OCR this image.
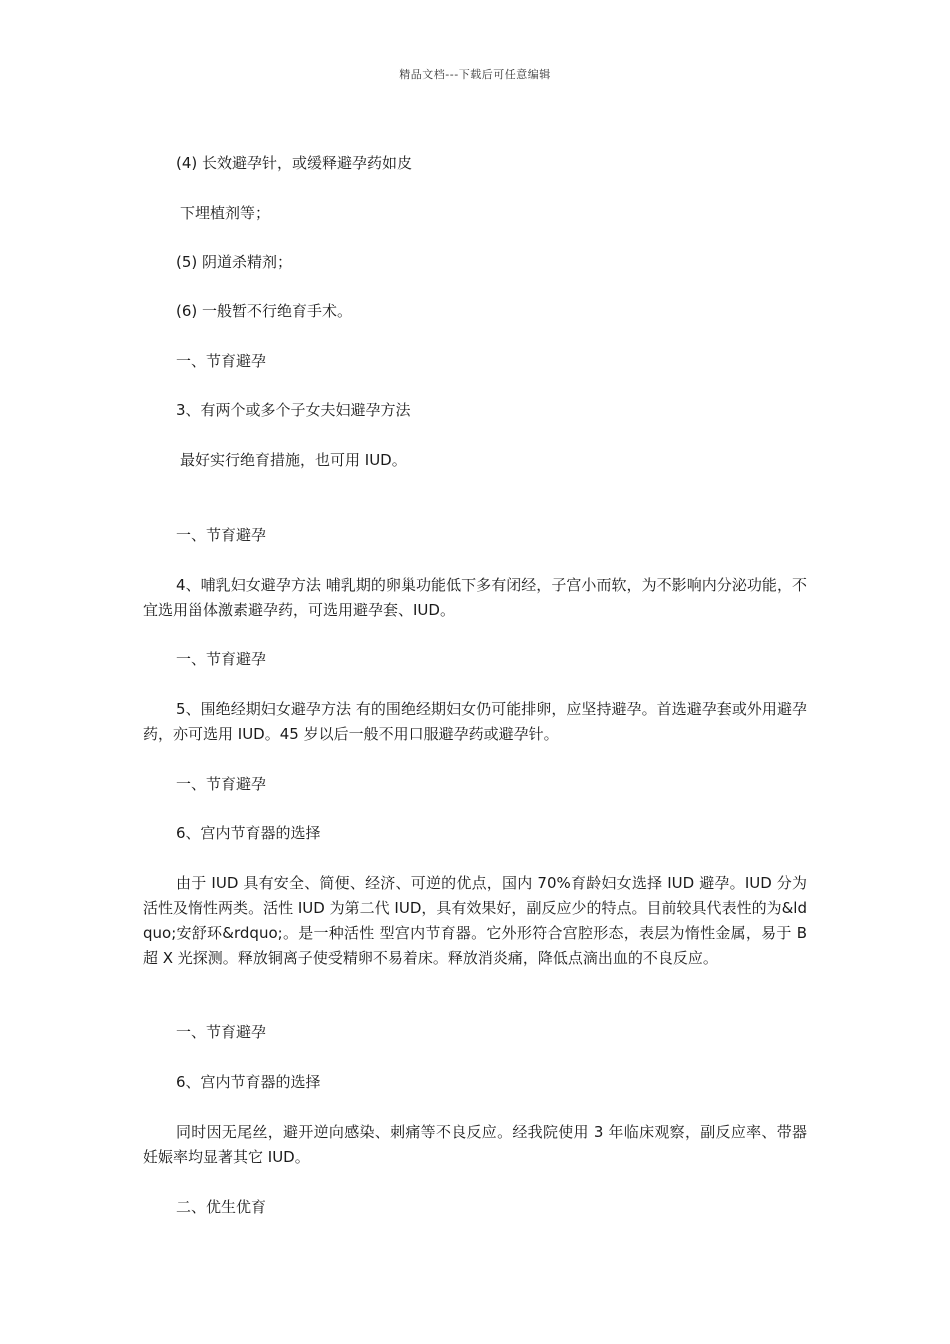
精品文档---下载后可任意编辑

(4) 长效避孕针，或缓释避孕药如皮

下埋植剂等；

(5) 阴道杀精剂；

(6) 一般暂不行绝育手术。

一、节育避孕

3、有两个或多个子女夫妇避孕方法

最好实行绝育措施，也可用 IUD。

一、节育避孕

4、哺乳妇女避孕方法 哺乳期的卵巢功能低下多有闭经，子宫小而软，为不影响内分泌功能，不宜选用甾体激素避孕药，可选用避孕套、IUD。

一、节育避孕

5、围绝经期妇女避孕方法 有的围绝经期妇女仍可能排卵，应坚持避孕。首选避孕套或外用避孕药，亦可选用 IUD。45 岁以后一般不用口服避孕药或避孕针。

一、节育避孕

6、宫内节育器的选择

由于 IUD 具有安全、简便、经济、可逆的优点，国内 70%育龄妇女选择 IUD 避孕。IUD 分为活性及惰性两类。活性 IUD 为第二代 IUD，具有效果好，副反应少的特点。目前较具代表性的为&ldquo;安舒环&rdquo;。是一种活性 型宫内节育器。它外形符合宫腔形态，表层为惰性金属，易于 B 超 X 光探测。释放铜离子使受精卵不易着床。释放消炎痛，降低点滴出血的不良反应。

一、节育避孕

6、宫内节育器的选择

同时因无尾丝，避开逆向感染、刺痛等不良反应。经我院使用 3 年临床观察，副反应率、带器妊娠率均显著其它 IUD。

二、优生优育
